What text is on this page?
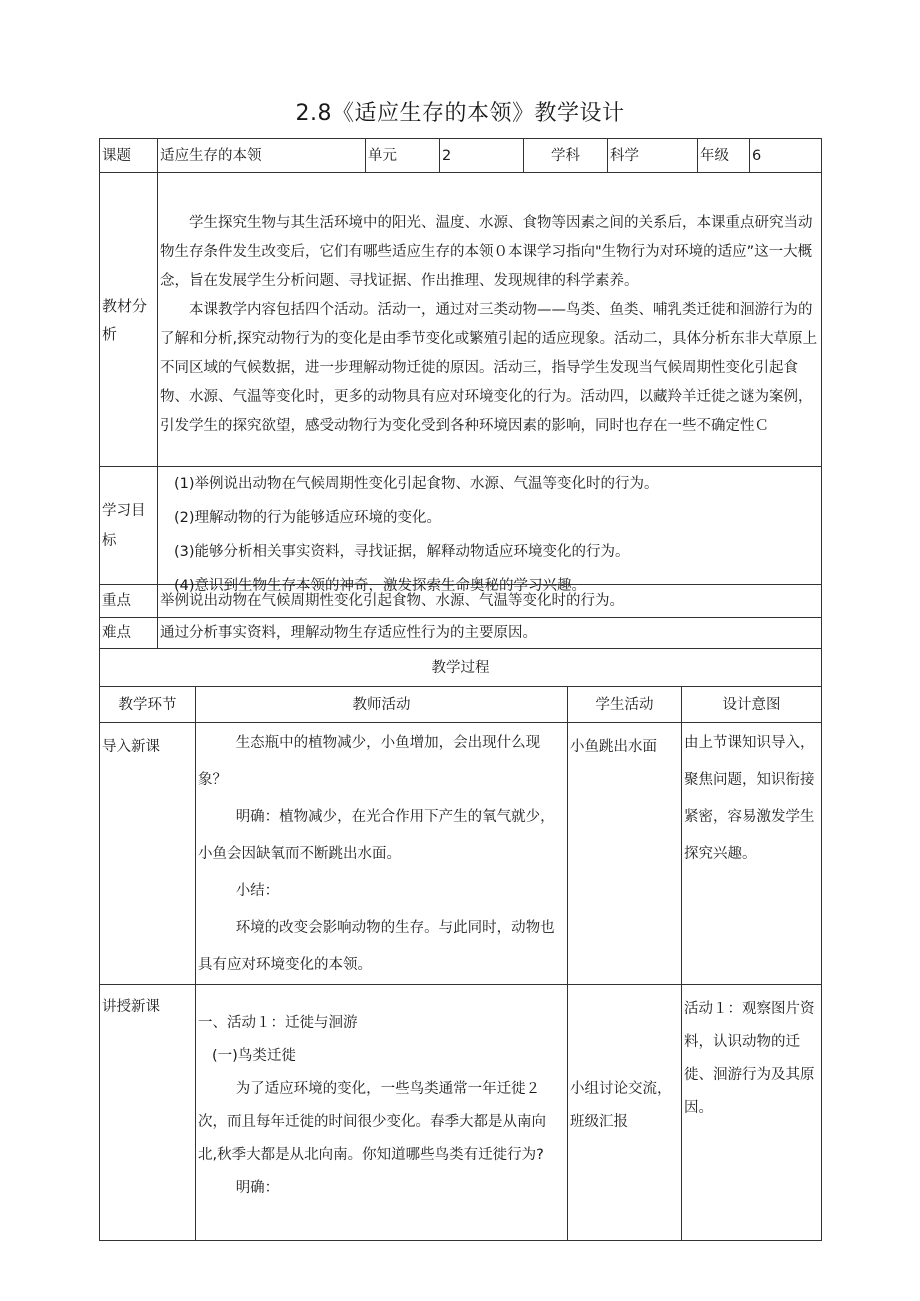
2.8《适应生存的本领》教学设计
课题	适应生存的本领	单元	2	学科	科学	年级	6
教材分析	学生探究生物与其生活环境中的阳光、温度、水源、食物等因素之间的关系后，本课重点研究当动物生存条件发生改变后，它们有哪些适应生存的本领０本课学习指向"生物行为对环境的适应”这一大概念，旨在发展学生分析问题、寻找证据、作出推理、发现规律的科学素养。

本课教学内容包括四个活动。活动一，通过对三类动物——鸟类、鱼类、哺乳类迁徙和洄游行为的了解和分析,探究动物行为的变化是由季节变化或繁殖引起的适应现象。活动二，具体分析东非大草原上不同区域的气候数据，进一步理解动物迁徙的原因。活动三，指导学生发现当气候周期性变化引起食物、水源、气温等变化时，更多的动物具有应对环境变化的行为。活动四，以藏羚羊迁徙之谜为案例，引发学生的探究欲望，感受动物行为变化受到各种环境因素的影响，同时也存在一些不确定性Ｃ						

学习目标	(1)举例说出动物在气候周期性变化引起食物、水源、气温等变化时的行为。

(2)理解动物的行为能够适应环境的变化。

(3)能够分析相关事实资料，寻找证据，解释动物适应环境变化的行为。

(4)意识到生物生存本领的神奇，激发探索生命奥秘的学习兴趣。						

重点	举例说出动物在气候周期性变化引起食物、水源、气温等变化时的行为。						
难点	通过分析事实资料，理解动物生存适应性行为的主要原因。						
教学过程			
教学环节	教师活动	学生活动	设计意图
导入新课	生态瓶中的植物减少，小鱼增加，会出现什么现象？

明确：植物减少，在光合作用下产生的氧气就少，小鱼会因缺氧而不断跳出水面。

小结：

环境的改变会影响动物的生存。与此同时，动物也具有应对环境变化的本领。	小鱼跳出水面	由上节课知识导入，聚焦问题，知识衔接紧密，容易激发学生探究兴趣。
讲授新课	一、活动１：迁徙与洄游

(一)鸟类迁徙

为了适应环境的变化，一些鸟类通常一年迁徙２次，而且每年迁徙的时间很少变化。春季大都是从南向北,秋季大都是从北向南。你知道哪些鸟类有迁徙行为?

明确：	小组讨论交流，班级汇报	活动１：观察图片资料，认识动物的迁徙、洄游行为及其原因。
